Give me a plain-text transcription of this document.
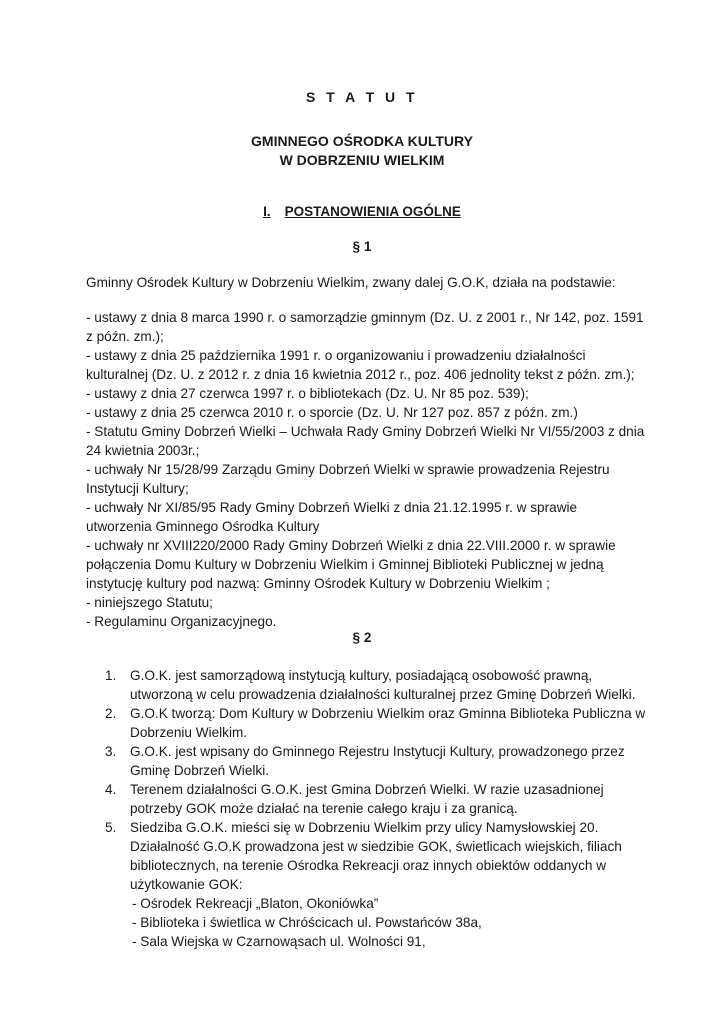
S T A T U T
GMINNEGO OŚRODKA KULTURY
W DOBRZENIU WIELKIM
I. POSTANOWIENIA OGÓLNE
§ 1

Gminny Ośrodek Kultury w Dobrzeniu Wielkim, zwany dalej G.O.K, działa na podstawie:

- ustawy z dnia 8 marca 1990 r. o samorządzie gminnym (Dz. U. z 2001 r., Nr 142, poz. 1591 z późn. zm.);
- ustawy z dnia 25 października 1991 r. o organizowaniu i prowadzeniu działalności kulturalnej (Dz. U. z 2012 r. z dnia 16 kwietnia 2012 r., poz. 406 jednolity tekst z późn. zm.);
- ustawy z dnia 27 czerwca 1997 r. o bibliotekach (Dz. U. Nr 85 poz. 539);
- ustawy z dnia 25 czerwca 2010 r. o sporcie (Dz. U. Nr 127 poz. 857 z późn. zm.)
- Statutu Gminy Dobrzeń Wielki – Uchwała Rady Gminy Dobrzeń Wielki Nr VI/55/2003 z dnia 24 kwietnia 2003r.;
- uchwały Nr 15/28/99 Zarządu Gminy Dobrzeń Wielki w sprawie prowadzenia Rejestru Instytucji Kultury;
- uchwały Nr XI/85/95 Rady Gminy Dobrzeń Wielki z dnia 21.12.1995 r. w sprawie utworzenia Gminnego Ośrodka Kultury
- uchwały nr XVIII220/2000 Rady Gminy Dobrzeń Wielki z dnia 22.VIII.2000 r. w sprawie połączenia Domu Kultury w Dobrzeniu Wielkim i Gminnej Biblioteki Publicznej w jedną instytucję kultury pod nazwą: Gminny Ośrodek Kultury w Dobrzeniu Wielkim ;
- niniejszego Statutu;
- Regulaminu Organizacyjnego.
§ 2
1. G.O.K. jest samorządową instytucją kultury, posiadającą osobowość prawną, utworzoną w celu prowadzenia działalności kulturalnej przez Gminę Dobrzeń Wielki.
2. G.O.K tworzą: Dom Kultury w Dobrzeniu Wielkim oraz Gminna Biblioteka Publiczna w Dobrzeniu Wielkim.
3. G.O.K. jest wpisany do Gminnego Rejestru Instytucji Kultury, prowadzonego przez Gminę Dobrzeń Wielki.
4. Terenem działalności G.O.K. jest Gmina Dobrzeń Wielki. W razie uzasadnionej potrzeby GOK może działać na terenie całego kraju i za granicą.
5. Siedziba G.O.K. mieści się w Dobrzeniu Wielkim przy ulicy Namysłowskiej 20. Działalność G.O.K prowadzona jest w siedzibie GOK, świetlicach wiejskich, filiach bibliotecznych, na terenie Ośrodka Rekreacji oraz innych obiektów oddanych w użytkowanie GOK:
- Ośrodek Rekreacji „Blaton, Okoniówka”
- Biblioteka i świetlica w Chróścicach ul. Powstańców 38a,
- Sala Wiejska w Czarnowąsach ul. Wolności 91,
